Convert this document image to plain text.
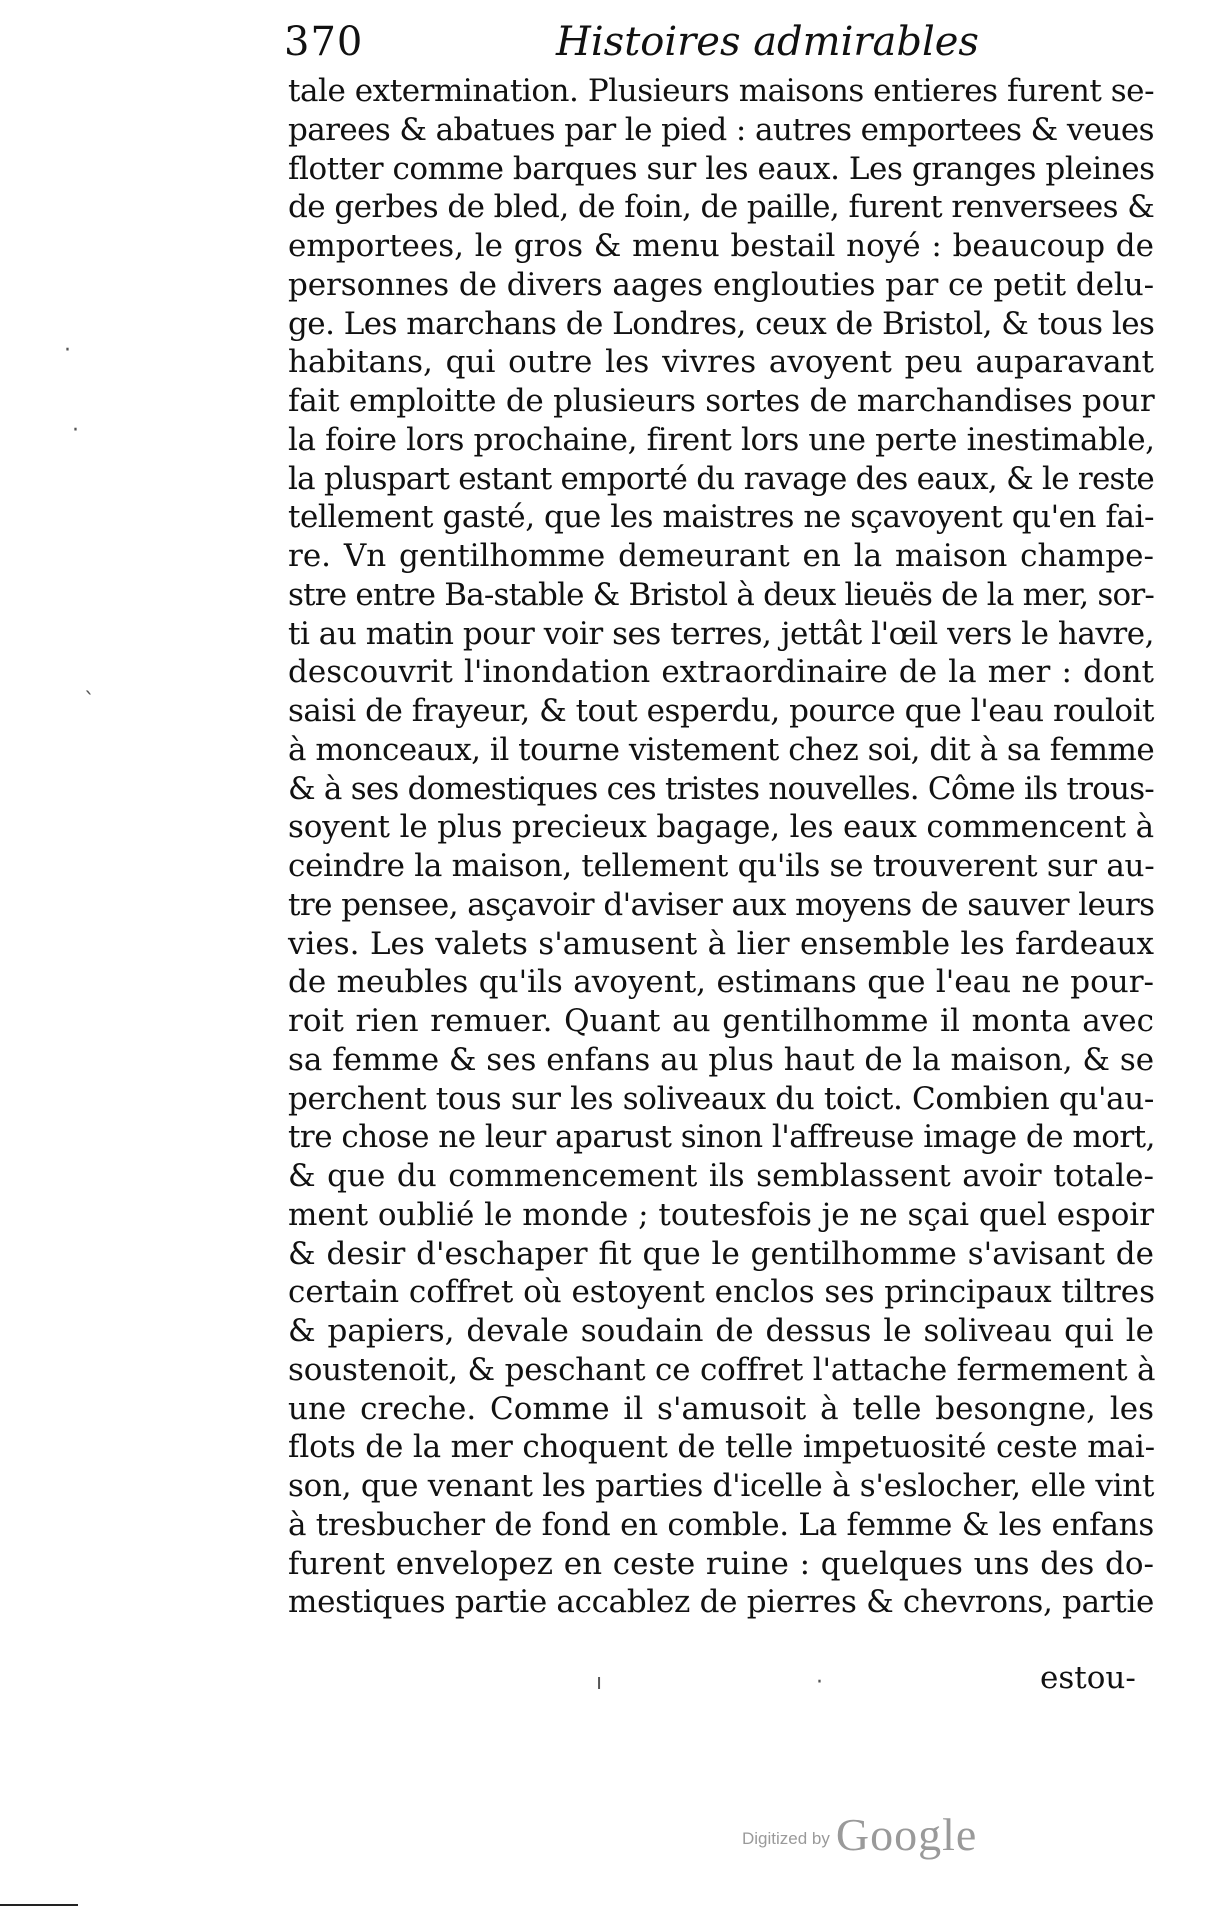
370	Histoires admirables
tale extermination. Plusieurs maisons entieres furent se-
parees & abatues par le pied : autres emportees & veues
flotter comme barques sur les eaux. Les granges pleines
de gerbes de bled, de foin, de paille, furent renversees &
emportees, le gros & menu bestail noyé : beaucoup de
personnes de divers aages englouties par ce petit delu-
ge. Les marchans de Londres, ceux de Bristol, & tous les
habitans, qui outre les vivres avoyent peu auparavant
fait emploitte de plusieurs sortes de marchandises pour
la foire lors prochaine, firent lors une perte inestimable,
la pluspart estant emporté du ravage des eaux, & le reste
tellement gasté, que les maistres ne sçavoyent qu'en fai-
re. Vn gentilhomme demeurant en la maison champe-
stre entre Ba-stable & Bristol à deux lieuës de la mer, sor-
ti au matin pour voir ses terres, jettât l'œil vers le havre,
descouvrit l'inondation extraordinaire de la mer : dont
saisi de frayeur, & tout esperdu, pource que l'eau rouloit
à monceaux, il tourne vistement chez soi, dit à sa femme
& à ses domestiques ces tristes nouvelles. Côme ils trous-
soyent le plus precieux bagage, les eaux commencent à
ceindre la maison, tellement qu'ils se trouverent sur au-
tre pensee, asçavoir d'aviser aux moyens de sauver leurs
vies. Les valets s'amusent à lier ensemble les fardeaux
de meubles qu'ils avoyent, estimans que l'eau ne pour-
roit rien remuer. Quant au gentilhomme il monta avec
sa femme & ses enfans au plus haut de la maison, & se
perchent tous sur les soliveaux du toict. Combien qu'au-
tre chose ne leur aparust sinon l'affreuse image de mort,
& que du commencement ils semblassent avoir totale-
ment oublié le monde ; toutesfois je ne sçai quel espoir
& desir d'eschaper fit que le gentilhomme s'avisant de
certain coffret où estoyent enclos ses principaux tiltres
& papiers, devale soudain de dessus le soliveau qui le
soustenoit, & peschant ce coffret l'attache fermement à
une creche. Comme il s'amusoit à telle besongne, les
flots de la mer choquent de telle impetuosité ceste mai-
son, que venant les parties d'icelle à s'eslocher, elle vint
à tresbucher de fond en comble. La femme & les enfans
furent envelopez en ceste ruine : quelques uns des do-
mestiques partie accablez de pierres & chevrons, partie
estou-
·
·
ˎ
ı	·
Digitized by Google
